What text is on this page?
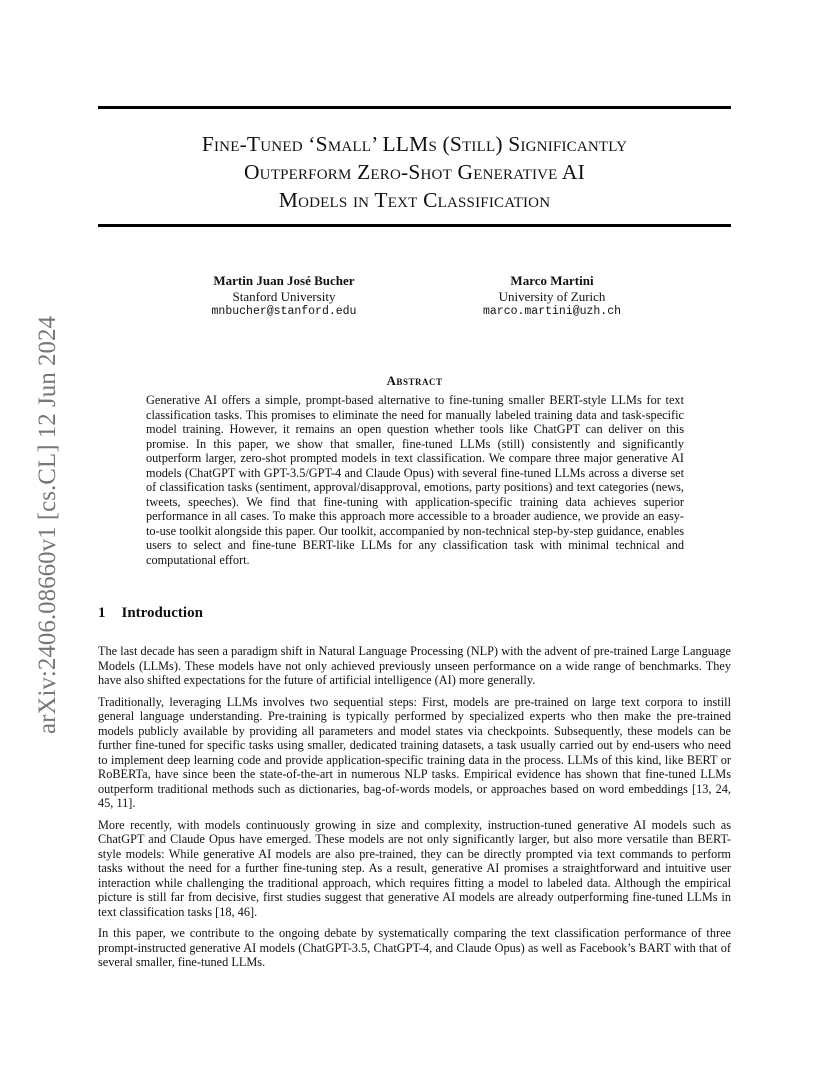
arXiv:2406.08660v1 [cs.CL] 12 Jun 2024
Fine-Tuned ‘Small’ LLMs (Still) Significantly
Outperform Zero-Shot Generative AI
Models in Text Classification
Martin Juan José Bucher
Stanford University
mnbucher@stanford.edu
Marco Martini
University of Zurich
marco.martini@uzh.ch
Abstract
Generative AI offers a simple, prompt-based alternative to fine-tuning smaller BERT-style LLMs for text classification tasks. This promises to eliminate the need for manually labeled training data and task-specific model training. However, it remains an open question whether tools like ChatGPT can deliver on this promise. In this paper, we show that smaller, fine-tuned LLMs (still) consistently and significantly outperform larger, zero-shot prompted models in text classification. We compare three major generative AI models (ChatGPT with GPT-3.5/GPT-4 and Claude Opus) with several fine-tuned LLMs across a diverse set of classification tasks (sentiment, approval/disapproval, emotions, party positions) and text categories (news, tweets, speeches). We find that fine-tuning with application-specific training data achieves superior performance in all cases. To make this approach more accessible to a broader audience, we provide an easy-to-use toolkit alongside this paper. Our toolkit, accompanied by non-technical step-by-step guidance, enables users to select and fine-tune BERT-like LLMs for any classification task with minimal technical and computational effort.
1 Introduction

The last decade has seen a paradigm shift in Natural Language Processing (NLP) with the advent of pre-trained Large Language Models (LLMs). These models have not only achieved previously unseen performance on a wide range of benchmarks. They have also shifted expectations for the future of artificial intelligence (AI) more generally.

Traditionally, leveraging LLMs involves two sequential steps: First, models are pre-trained on large text corpora to instill general language understanding. Pre-training is typically performed by specialized experts who then make the pre-trained models publicly available by providing all parameters and model states via checkpoints. Subsequently, these models can be further fine-tuned for specific tasks using smaller, dedicated training datasets, a task usually carried out by end-users who need to implement deep learning code and provide application-specific training data in the process. LLMs of this kind, like BERT or RoBERTa, have since been the state-of-the-art in numerous NLP tasks. Empirical evidence has shown that fine-tuned LLMs outperform traditional methods such as dictionaries, bag-of-words models, or approaches based on word embeddings [13, 24, 45, 11].

More recently, with models continuously growing in size and complexity, instruction-tuned generative AI models such as ChatGPT and Claude Opus have emerged. These models are not only significantly larger, but also more versatile than BERT-style models: While generative AI models are also pre-trained, they can be directly prompted via text commands to perform tasks without the need for a further fine-tuning step. As a result, generative AI promises a straightforward and intuitive user interaction while challenging the traditional approach, which requires fitting a model to labeled data. Although the empirical picture is still far from decisive, first studies suggest that generative AI models are already outperforming fine-tuned LLMs in text classification tasks [18, 46].

In this paper, we contribute to the ongoing debate by systematically comparing the text classification performance of three prompt-instructed generative AI models (ChatGPT-3.5, ChatGPT-4, and Claude Opus) as well as Facebook’s BART with that of several smaller, fine-tuned LLMs.
